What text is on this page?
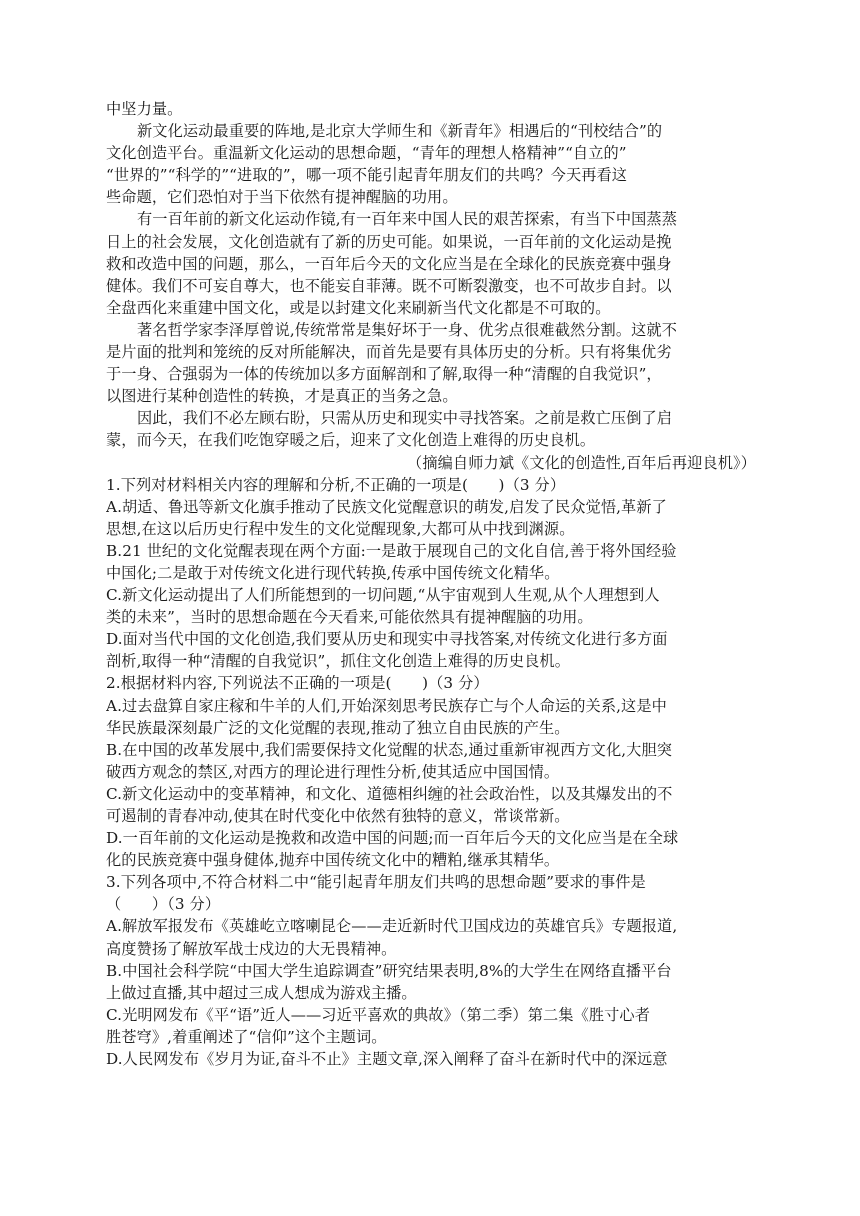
中坚力量。
新文化运动最重要的阵地,是北京大学师生和《新青年》相遇后的“刊校结合”的
文化创造平台。重温新文化运动的思想命题，“青年的理想人格精神”“自立的”
“世界的”“科学的”“进取的”，哪一项不能引起青年朋友们的共鸣？今天再看这
些命题，它们恐怕对于当下依然有提神醒脑的功用。
有一百年前的新文化运动作镜,有一百年来中国人民的艰苦探索，有当下中国蒸蒸
日上的社会发展，文化创造就有了新的历史可能。如果说，一百年前的文化运动是挽
救和改造中国的问题，那么，一百年后今天的文化应当是在全球化的民族竞赛中强身
健体。我们不可妄自尊大，也不能妄自菲薄。既不可断裂激变，也不可故步自封。以
全盘西化来重建中国文化，或是以封建文化来刷新当代文化都是不可取的。
著名哲学家李泽厚曾说,传统常常是集好坏于一身、优劣点很难截然分割。这就不
是片面的批判和笼统的反对所能解决，而首先是要有具体历史的分析。只有将集优劣
于一身、合强弱为一体的传统加以多方面解剖和了解,取得一种“清醒的自我觉识”，
以图进行某种创造性的转换，才是真正的当务之急。
因此，我们不必左顾右盼，只需从历史和现实中寻找答案。之前是救亡压倒了启
蒙，而今天，在我们吃饱穿暖之后，迎来了文化创造上难得的历史良机。
（摘编自师力斌《文化的创造性,百年后再迎良机》）
1.下列对材料相关内容的理解和分析,不正确的一项是(　　)（3 分）
A.胡适、鲁迅等新文化旗手推动了民族文化觉醒意识的萌发,启发了民众觉悟,革新了
思想,在这以后历史行程中发生的文化觉醒现象,大都可从中找到渊源。
B.21 世纪的文化觉醒表现在两个方面:一是敢于展现自己的文化自信,善于将外国经验
中国化;二是敢于对传统文化进行现代转换,传承中国传统文化精华。
C.新文化运动提出了人们所能想到的一切问题,“从宇宙观到人生观,从个人理想到人
类的未来”，当时的思想命题在今天看来,可能依然具有提神醒脑的功用。
D.面对当代中国的文化创造,我们要从历史和现实中寻找答案,对传统文化进行多方面
剖析,取得一种“清醒的自我觉识”，抓住文化创造上难得的历史良机。
2.根据材料内容,下列说法不正确的一项是(　　)（3 分）
A.过去盘算自家庄稼和牛羊的人们,开始深刻思考民族存亡与个人命运的关系,这是中
华民族最深刻最广泛的文化觉醒的表现,推动了独立自由民族的产生。
B.在中国的改革发展中,我们需要保持文化觉醒的状态,通过重新审视西方文化,大胆突
破西方观念的禁区,对西方的理论进行理性分析,使其适应中国国情。
C.新文化运动中的变革精神，和文化、道德相纠缠的社会政治性，以及其爆发出的不
可遏制的青春冲动,使其在时代变化中依然有独特的意义，常谈常新。
D.一百年前的文化运动是挽救和改造中国的问题;而一百年后今天的文化应当是在全球
化的民族竞赛中强身健体,抛弃中国传统文化中的糟粕,继承其精华。
3.下列各项中,不符合材料二中“能引起青年朋友们共鸣的思想命题”要求的事件是
（　　）（3 分）
A.解放军报发布《英雄屹立喀喇昆仑——走近新时代卫国戍边的英雄官兵》专题报道,
高度赞扬了解放军战士戍边的大无畏精神。
B.中国社会科学院“中国大学生追踪调查”研究结果表明,8%的大学生在网络直播平台
上做过直播,其中超过三成人想成为游戏主播。
C.光明网发布《平“语”近人——习近平喜欢的典故》（第二季）第二集《胜寸心者
胜苍穹》,着重阐述了“信仰”这个主题词。
D.人民网发布《岁月为证,奋斗不止》主题文章,深入阐释了奋斗在新时代中的深远意
